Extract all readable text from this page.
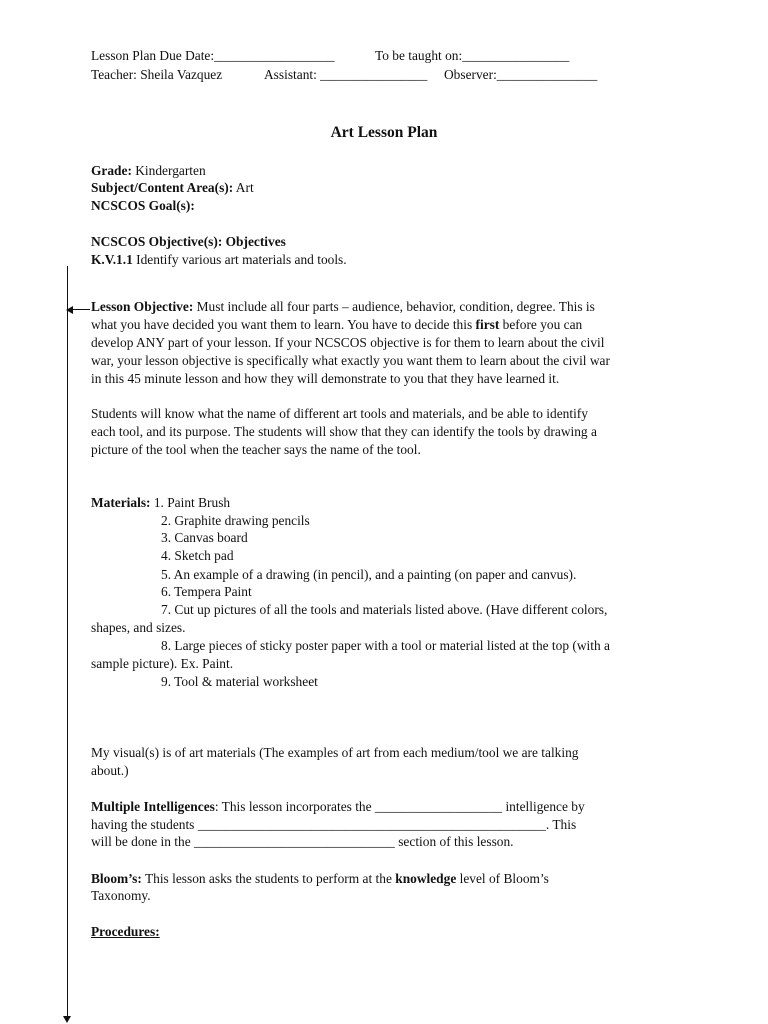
Lesson Plan Due Date:__________________	To be taught on:________________
Teacher: Sheila Vazquez	Assistant: ________________ Observer:_______________
Art Lesson Plan
Grade: Kindergarten
Subject/Content Area(s): Art
NCSCOS Goal(s):
NCSCOS Objective(s): Objectives
K.V.1.1 Identify various art materials and tools.
Lesson Objective: Must include all four parts – audience, behavior, condition, degree. This is
what you have decided you want them to learn. You have to decide this first before you can
develop ANY part of your lesson. If your NCSCOS objective is for them to learn about the civil
war, your lesson objective is specifically what exactly you want them to learn about the civil war
in this 45 minute lesson and how they will demonstrate to you that they have learned it.
Students will know what the name of different art tools and materials, and be able to identify
each tool, and its purpose. The students will show that they can identify the tools by drawing a
picture of the tool when the teacher says the name of the tool.
Materials: 1. Paint Brush
2. Graphite drawing pencils
3. Canvas board
4. Sketch pad
5. An example of a drawing (in pencil), and a painting (on paper and canvus).
6. Tempera Paint
7. Cut up pictures of all the tools and materials listed above. (Have different colors,
shapes, and sizes.
8. Large pieces of sticky poster paper with a tool or material listed at the top (with a
sample picture). Ex. Paint.
9. Tool & material worksheet
My visual(s) is of art materials (The examples of art from each medium/tool we are talking
about.)
Multiple Intelligences: This lesson incorporates the ___________________ intelligence by
having the students ____________________________________________________. This
will be done in the ______________________________ section of this lesson.
Bloom’s: This lesson asks the students to perform at the knowledge level of Bloom’s
Taxonomy.
Procedures:
